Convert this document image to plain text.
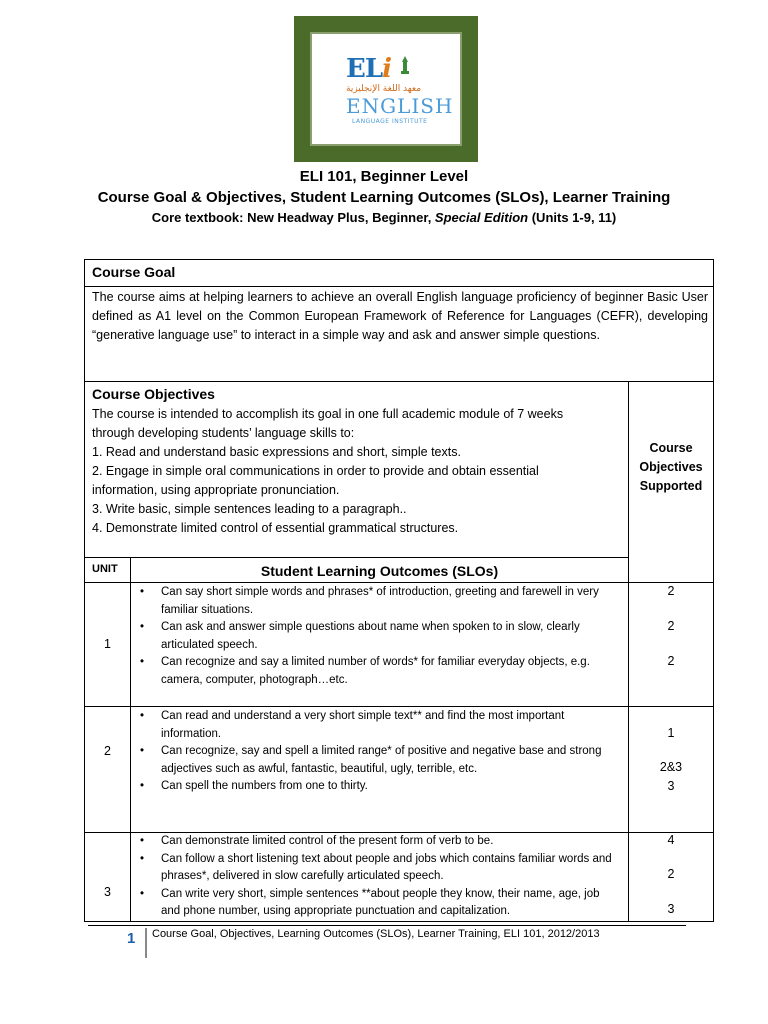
ELi
معهد اللغة الإنجليزية
ENGLISH
LANGUAGE INSTITUTE
ELI 101, Beginner Level
Course Goal & Objectives, Student Learning Outcomes (SLOs), Learner Training
Core textbook: New Headway Plus, Beginner, Special Edition (Units 1-9, 11)
Course Goal
The course aims at helping learners to achieve an overall English language proficiency of beginner Basic User defined as A1 level on the Common European Framework of Reference for Languages (CEFR), developing “generative language use” to interact in a simple way and ask and answer simple questions.
Course Objectives
The course is intended to accomplish its goal in one full academic module of 7 weeks
through developing students’ language skills to:
1. Read and understand basic expressions and short, simple texts.
2. Engage in simple oral communications in order to provide and obtain essential
information, using appropriate pronunciation.
3. Write basic, simple sentences leading to a paragraph..
4. Demonstrate limited control of essential grammatical structures.
Course
Objectives
Supported
UNIT	Student Learning Outcomes (SLOs)
1
• Can say short simple words and phrases* of introduction, greeting and farewell in very familiar situations.
• Can ask and answer simple questions about name when spoken to in slow, clearly articulated speech.
• Can recognize and say a limited number of words* for familiar everyday objects, e.g. camera, computer, photograph…etc.
2
2
2
2
• Can read and understand a very short simple text** and find the most important information.
• Can recognize, say and spell a limited range* of positive and negative base and strong adjectives such as awful, fantastic, beautiful, ugly, terrible, etc.
• Can spell the numbers from one to thirty.
1
2&3
3
3
• Can demonstrate limited control of the present form of verb to be.
• Can follow a short listening text about people and jobs which contains familiar words and phrases*, delivered in slow carefully articulated speech.
• Can write very short, simple sentences **about people they know, their name, age, job and phone number, using appropriate punctuation and capitalization.
4
2
3
1 Course Goal, Objectives, Learning Outcomes (SLOs), Learner Training, ELI 101, 2012/2013
